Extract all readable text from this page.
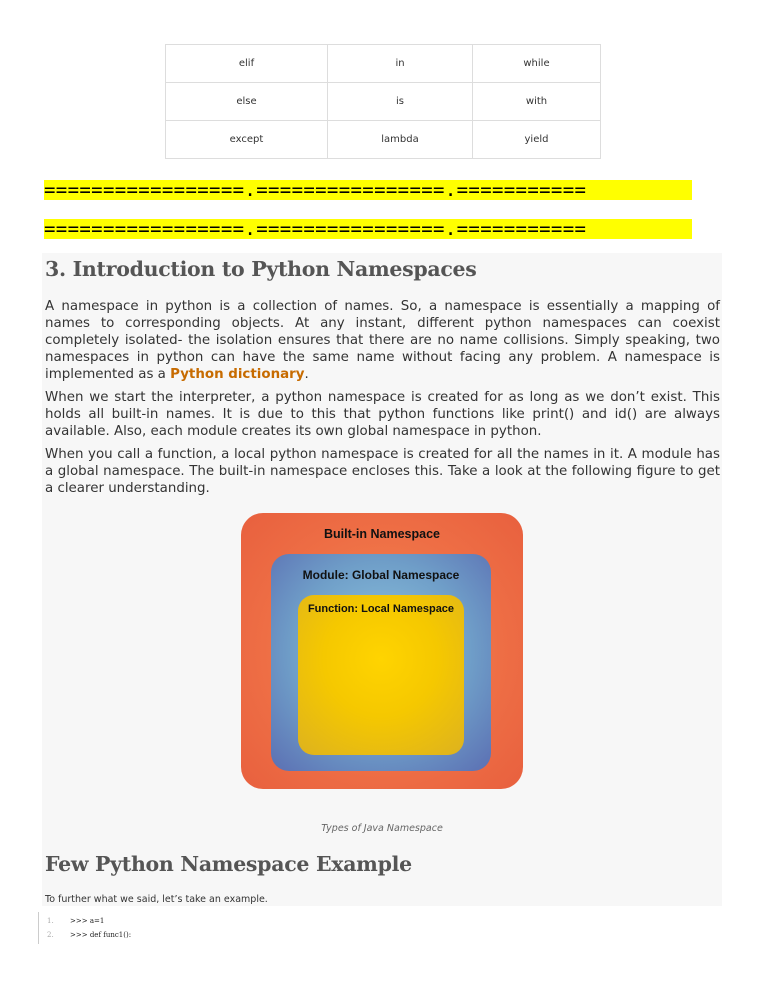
elif	in	while
else	is	with
except	lambda	yield
=================.================.===========
=================.================.===========
3. Introduction to Python Namespaces

A namespace in python is a collection of names. So, a namespace is essentially a mapping of names to corresponding objects. At any instant, different python namespaces can coexist completely isolated- the isolation ensures that there are no name collisions. Simply speaking, two namespaces in python can have the same name without facing any problem. A namespace is implemented as a Python dictionary.

When we start the interpreter, a python namespace is created for as long as we don’t exist. This holds all built-in names. It is due to this that python functions like print() and id() are always available. Also, each module creates its own global namespace in python.

When you call a function, a local python namespace is created for all the names in it. A module has a global namespace. The built-in namespace encloses this. Take a look at the following figure to get a clearer understanding.

Built-in Namespace
Module: Global Namespace
Function: Local Namespace
Types of Java Namespace
Few Python Namespace Example

To further what we said, let’s take an example.

1.	>>> a=1
2.	>>> def func1():
